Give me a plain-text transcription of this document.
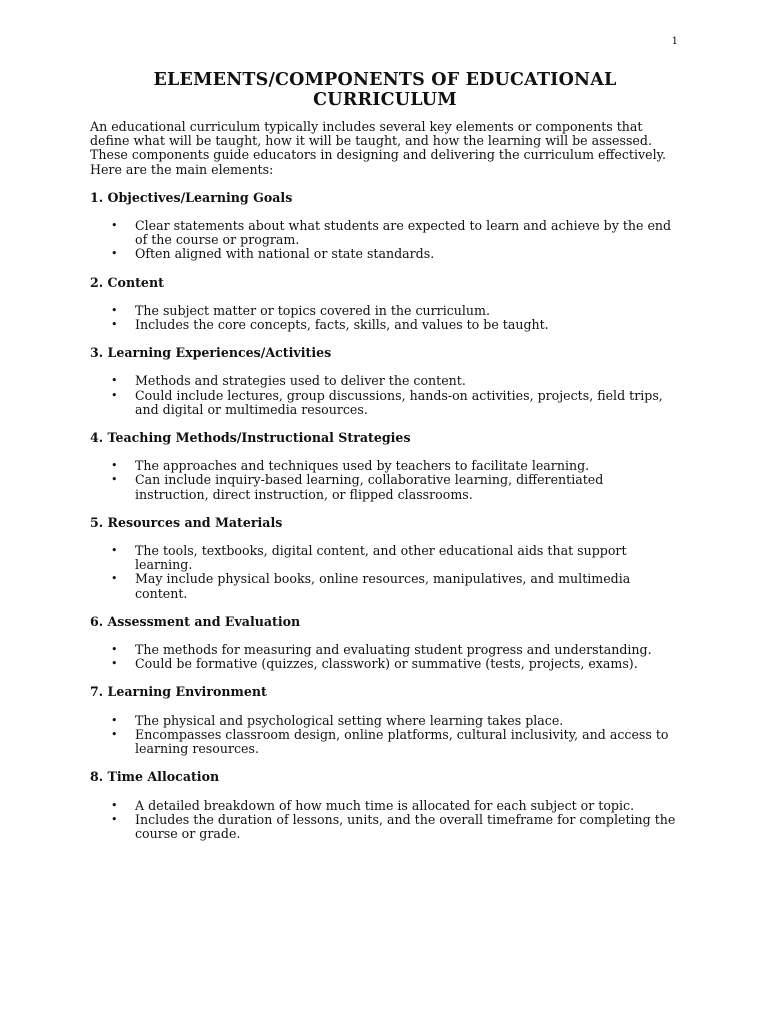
1
ELEMENTS/COMPONENTS OF EDUCATIONAL
CURRICULUM

An educational curriculum typically includes several key elements or components that define what will be taught, how it will be taught, and how the learning will be assessed. These components guide educators in designing and delivering the curriculum effectively. Here are the main elements:

1. Objectives/Learning Goals
• Clear statements about what students are expected to learn and achieve by the end of the course or program.
• Often aligned with national or state standards.
2. Content
• The subject matter or topics covered in the curriculum.
• Includes the core concepts, facts, skills, and values to be taught.
3. Learning Experiences/Activities
• Methods and strategies used to deliver the content.
• Could include lectures, group discussions, hands-on activities, projects, field trips, and digital or multimedia resources.
4. Teaching Methods/Instructional Strategies
• The approaches and techniques used by teachers to facilitate learning.
• Can include inquiry-based learning, collaborative learning, differentiated instruction, direct instruction, or flipped classrooms.
5. Resources and Materials
• The tools, textbooks, digital content, and other educational aids that support learning.
• May include physical books, online resources, manipulatives, and multimedia content.
6. Assessment and Evaluation
• The methods for measuring and evaluating student progress and understanding.
• Could be formative (quizzes, classwork) or summative (tests, projects, exams).
7. Learning Environment
• The physical and psychological setting where learning takes place.
• Encompasses classroom design, online platforms, cultural inclusivity, and access to learning resources.
8. Time Allocation
• A detailed breakdown of how much time is allocated for each subject or topic.
• Includes the duration of lessons, units, and the overall timeframe for completing the course or grade.
